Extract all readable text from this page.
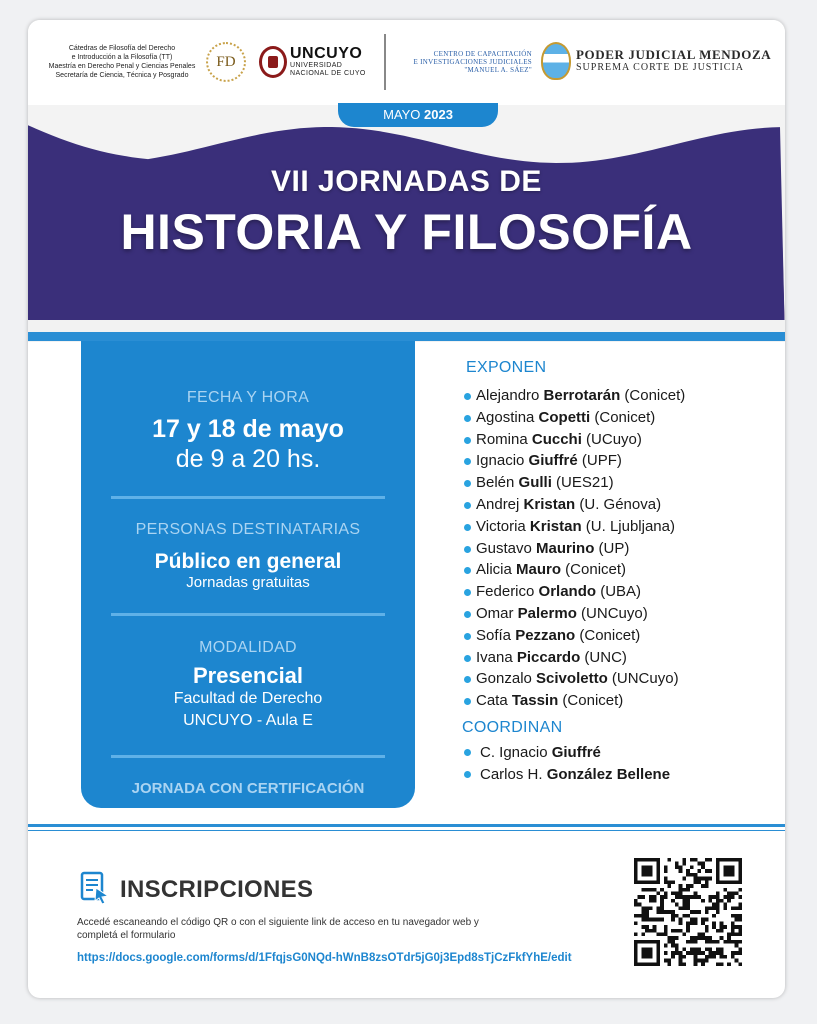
Cátedras de Filosofía del Derecho
e Introducción a la Filosofía (TT)
Maestría en Derecho Penal y Ciencias Penales
Secretaría de Ciencia, Técnica y Posgrado
FD	UNCUYO
UNIVERSIDAD
NACIONAL DE CUYO
CENTRO DE CAPACITACIÓN
E INVESTIGACIONES JUDICIALES
"MANUEL A. SÁEZ"
PODER JUDICIAL MENDOZA
SUPREMA CORTE DE JUSTICIA
MAYO 2023
VII JORNADAS DE
HISTORIA Y FILOSOFÍA
FECHA Y HORA
17 y 18 de mayo
de 9 a 20 hs.
PERSONAS DESTINATARIAS
Público en general
Jornadas gratuitas
MODALIDAD
Presencial
Facultad de Derecho
UNCUYO - Aula E
JORNADA CON CERTIFICACIÓN
EXPONEN
Alejandro Berrotarán (Conicet)
Agostina Copetti (Conicet)
Romina Cucchi (UCuyo)
Ignacio Giuffré (UPF)
Belén Gulli (UES21)
Andrej Kristan (U. Génova)
Victoria Kristan (U. Ljubljana)
Gustavo Maurino (UP)
Alicia Mauro (Conicet)
Federico Orlando (UBA)
Omar Palermo (UNCuyo)
Sofía Pezzano (Conicet)
Ivana Piccardo (UNC)
Gonzalo Scivoletto (UNCuyo)
Cata Tassin (Conicet)
COORDINAN
C. Ignacio Giuffré
Carlos H. González Bellene
INSCRIPCIONES
Accedé escaneando el código QR o con el siguiente link de acceso en tu navegador web y completá el formulario
https://docs.google.com/forms/d/1FfqjsG0NQd-hWnB8zsOTdr5jG0j3Epd8sTjCzFkfYhE/edit
